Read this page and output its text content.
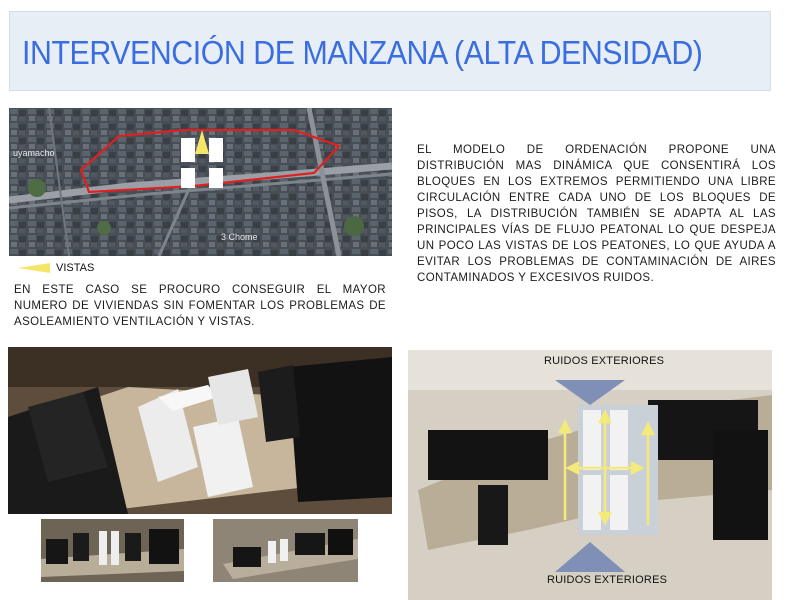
INTERVENCIÓN DE MANZANA (ALTA DENSIDAD)
uyamacho
3 Chome
VISTAS
EN ESTE CASO SE PROCURO CONSEGUIR EL MAYOR NUMERO DE VIVIENDAS SIN FOMENTAR LOS PROBLEMAS DE ASOLEAMIENTO VENTILACIÓN Y VISTAS.
EL MODELO DE ORDENACIÓN PROPONE UNA DISTRIBUCIÓN MAS DINÁMICA QUE CONSENTIRÁ LOS BLOQUES EN LOS EXTREMOS PERMITIENDO UNA LIBRE CIRCULACIÓN ENTRE CADA UNO DE LOS BLOQUES DE PISOS, LA DISTRIBUCIÓN TAMBIÉN SE ADAPTA AL LAS PRINCIPALES VÍAS DE FLUJO PEATONAL LO QUE DESPEJA UN POCO LAS VISTAS DE LOS PEATONES, LO QUE AYUDA A EVITAR LOS PROBLEMAS DE CONTAMINACIÓN DE AIRES CONTAMINADOS Y EXCESIVOS RUIDOS.
RUIDOS EXTERIORES
RUIDOS EXTERIORES
